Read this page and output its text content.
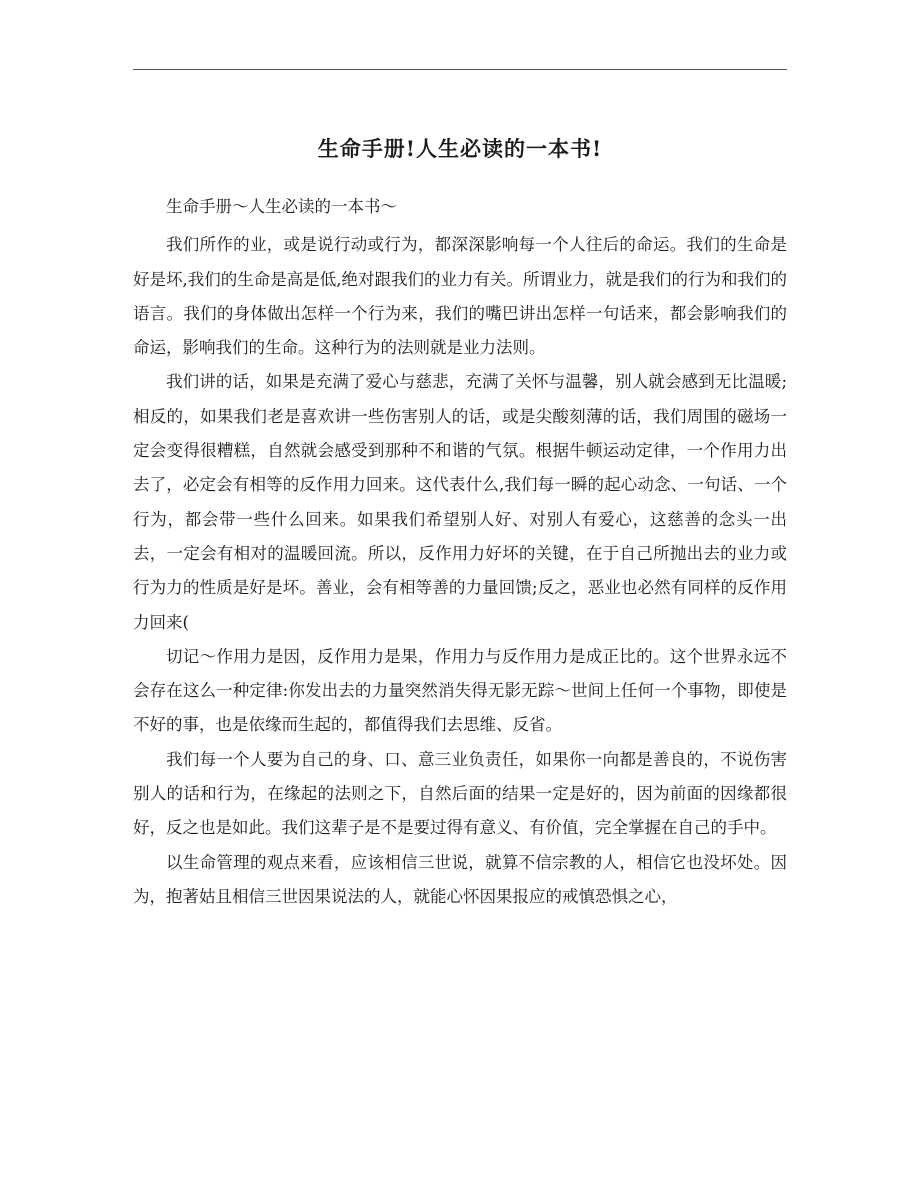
生命手册!人生必读的一本书!

生命手册～人生必读的一本书～

我们所作的业，或是说行动或行为，都深深影响每一个人往后的命运。我们的生命是好是坏,我们的生命是高是低,绝对跟我们的业力有关。所谓业力，就是我们的行为和我们的语言。我们的身体做出怎样一个行为来，我们的嘴巴讲出怎样一句话来，都会影响我们的命运，影响我们的生命。这种行为的法则就是业力法则。

我们讲的话，如果是充满了爱心与慈悲，充满了关怀与温馨，别人就会感到无比温暖;相反的，如果我们老是喜欢讲一些伤害别人的话，或是尖酸刻薄的话，我们周围的磁场一定会变得很糟糕，自然就会感受到那种不和谐的气氛。根据牛顿运动定律，一个作用力出去了，必定会有相等的反作用力回来。这代表什么,我们每一瞬的起心动念、一句话、一个行为，都会带一些什么回来。如果我们希望别人好、对别人有爱心，这慈善的念头一出去，一定会有相对的温暖回流。所以，反作用力好坏的关键，在于自己所抛出去的业力或行为力的性质是好是坏。善业，会有相等善的力量回馈;反之，恶业也必然有同样的反作用力回来(

切记～作用力是因，反作用力是果，作用力与反作用力是成正比的。这个世界永远不会存在这么一种定律:你发出去的力量突然消失得无影无踪～世间上任何一个事物，即使是不好的事，也是依缘而生起的，都值得我们去思维、反省。

我们每一个人要为自己的身、口、意三业负责任，如果你一向都是善良的，不说伤害别人的话和行为，在缘起的法则之下，自然后面的结果一定是好的，因为前面的因缘都很好，反之也是如此。我们这辈子是不是要过得有意义、有价值，完全掌握在自己的手中。

以生命管理的观点来看，应该相信三世说，就算不信宗教的人，相信它也没坏处。因为，抱著姑且相信三世因果说法的人，就能心怀因果报应的戒慎恐惧之心，
